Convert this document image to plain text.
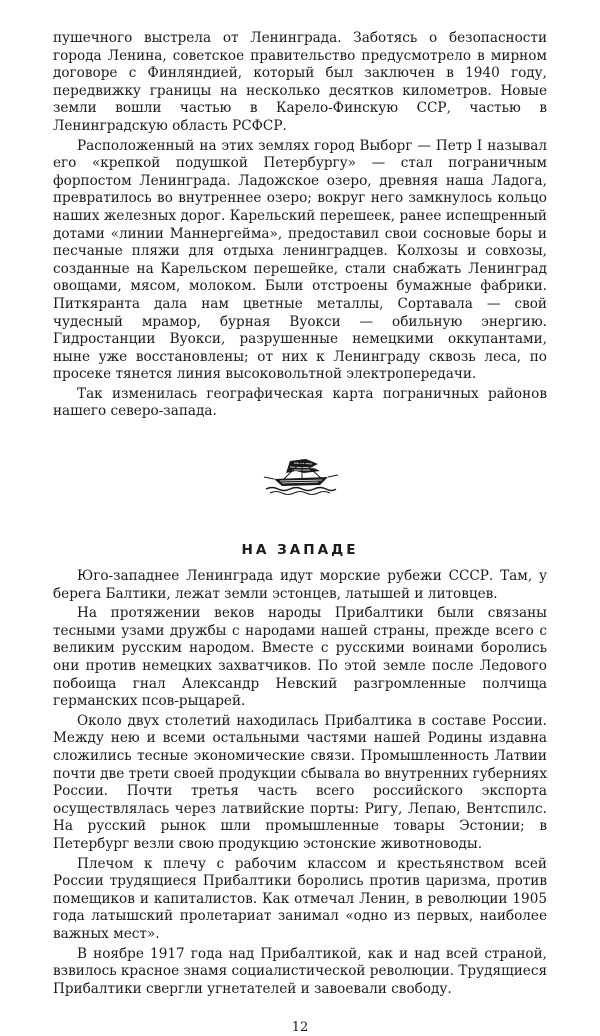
пушечного выстрела от Ленинграда. Заботясь о безопасности города Ленина, советское правительство предусмотрело в мирном договоре с Финляндией, который был заключен в 1940 году, передвижку границы на несколько десятков километров. Новые земли вошли частью в Карело-Финскую ССР, частью в Ленинградскую область РСФСР.

Расположенный на этих землях город Выборг — Петр I называл его «крепкой подушкой Петербургу» — стал пограничным форпостом Ленинграда. Ладожское озеро, древняя наша Ладога, превратилось во внутреннее озеро; вокруг него замкнулось кольцо наших железных дорог. Карельский перешеек, ранее испещренный дотами «линии Маннергейма», предоставил свои сосновые боры и песчаные пляжи для отдыха ленинградцев. Колхозы и совхозы, созданные на Карельском перешейке, стали снабжать Ленинград овощами, мясом, молоком. Были отстроены бумажные фабрики. Питкяранта дала нам цветные металлы, Сортавала — свой чудесный мрамор, бурная Вуокси — обильную энергию. Гидростанции Вуокси, разрушенные немецкими оккупантами, ныне уже восстановлены; от них к Ленинграду сквозь леса, по просеке тянется линия высоковольтной электропередачи.

Так изменилась географическая карта пограничных районов нашего северо-запада.

НА ЗАПАДЕ

Юго-западнее Ленинграда идут морские рубежи СССР. Там, у берега Балтики, лежат земли эстонцев, латышей и литовцев.

На протяжении веков народы Прибалтики были связаны тесными узами дружбы с народами нашей страны, прежде всего с великим русским народом. Вместе с русскими воинами боролись они против немецких захватчиков. По этой земле после Ледового побоища гнал Александр Невский разгромленные полчища германских псов-рыцарей.

Около двух столетий находилась Прибалтика в составе России. Между нею и всеми остальными частями нашей Родины издавна сложились тесные экономические связи. Промышленность Латвии почти две трети своей продукции сбывала во внутренних губерниях России. Почти третья часть всего российского экспорта осуществлялась через латвийские порты: Ригу, Лепаю, Вентспилс. На русский рынок шли промышленные товары Эстонии; в Петербург везли свою продукцию эстонские животноводы.

Плечом к плечу с рабочим классом и крестьянством всей России трудящиеся Прибалтики боролись против царизма, против помещиков и капиталистов. Как отмечал Ленин, в революции 1905 года латышский пролетариат занимал «одно из первых, наиболее важных мест».

В ноябре 1917 года над Прибалтикой, как и над всей страной, взвилось красное знамя социалистической революции. Трудящиеся Прибалтики свергли угнетателей и завоевали свободу.

12
